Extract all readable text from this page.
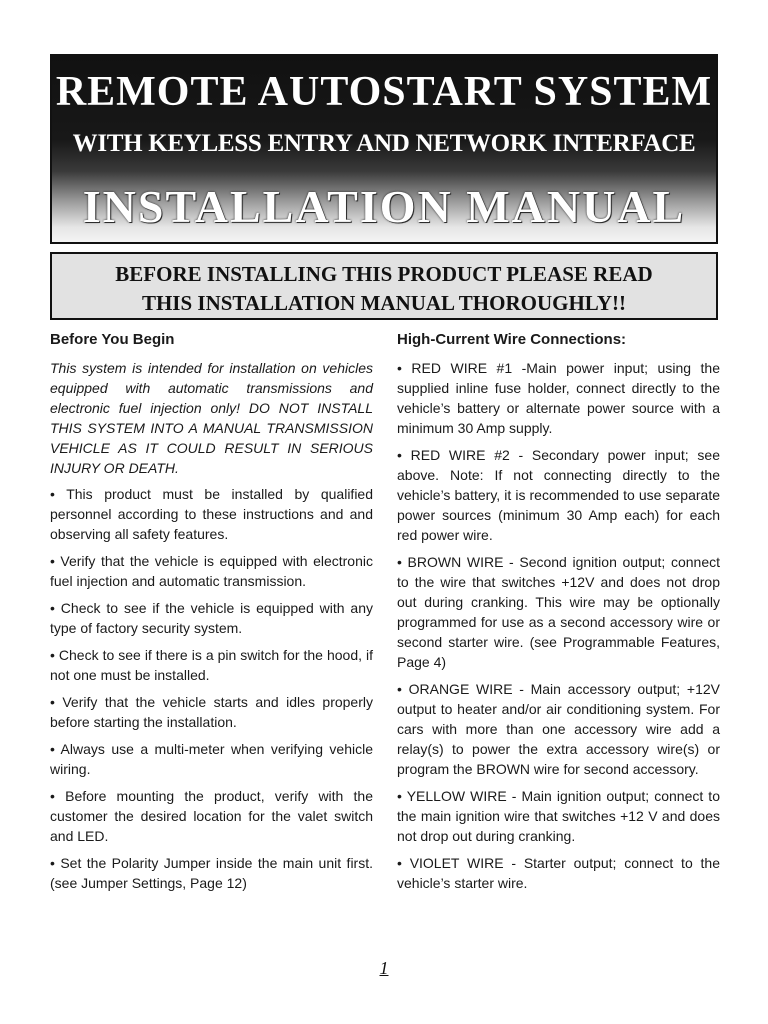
REMOTE AUTOSTART SYSTEM
WITH KEYLESS ENTRY AND NETWORK INTERFACE
INSTALLATION MANUAL
BEFORE INSTALLING THIS PRODUCT PLEASE READ
THIS INSTALLATION MANUAL THOROUGHLY!!
Before You Begin

This system is intended for installation on vehicles equipped with automatic transmissions and electronic fuel injection only! DO NOT INSTALL THIS SYSTEM INTO A MANUAL TRANSMISSION VEHICLE AS IT COULD RESULT IN SERIOUS INJURY OR DEATH.

• This product must be installed by qualified personnel according to these instructions and and observing all safety features.

• Verify that the vehicle is equipped with electronic fuel injection and automatic transmission.

• Check to see if the vehicle is equipped with any type of factory security system.

• Check to see if there is a pin switch for the hood, if not one must be installed.

• Verify that the vehicle starts and idles properly before starting the installation.

• Always use a multi-meter when verifying vehicle wiring.

• Before mounting the product, verify with the customer the desired location for the valet switch and LED.

• Set the Polarity Jumper inside the main unit first. (see Jumper Settings, Page 12)

High-Current Wire Connections:

• RED WIRE #1 -Main power input; using the supplied inline fuse holder, connect directly to the vehicle’s battery or alternate power source with a minimum 30 Amp supply.

• RED WIRE #2 - Secondary power input; see above. Note: If not connecting directly to the vehicle’s battery, it is recommended to use separate power sources (minimum 30 Amp each) for each red power wire.

• BROWN WIRE - Second ignition output; connect to the wire that switches +12V and does not drop out during cranking. This wire may be optionally programmed for use as a second accessory wire or second starter wire. (see Programmable Features, Page 4)

• ORANGE WIRE - Main accessory output; +12V output to heater and/or air conditioning system. For cars with more than one accessory wire add a relay(s) to power the extra accessory wire(s) or program the BROWN wire for second accessory.

• YELLOW WIRE - Main ignition output; connect to the main ignition wire that switches +12 V and does not drop out during cranking.

• VIOLET WIRE - Starter output; connect to the vehicle’s starter wire.

1
